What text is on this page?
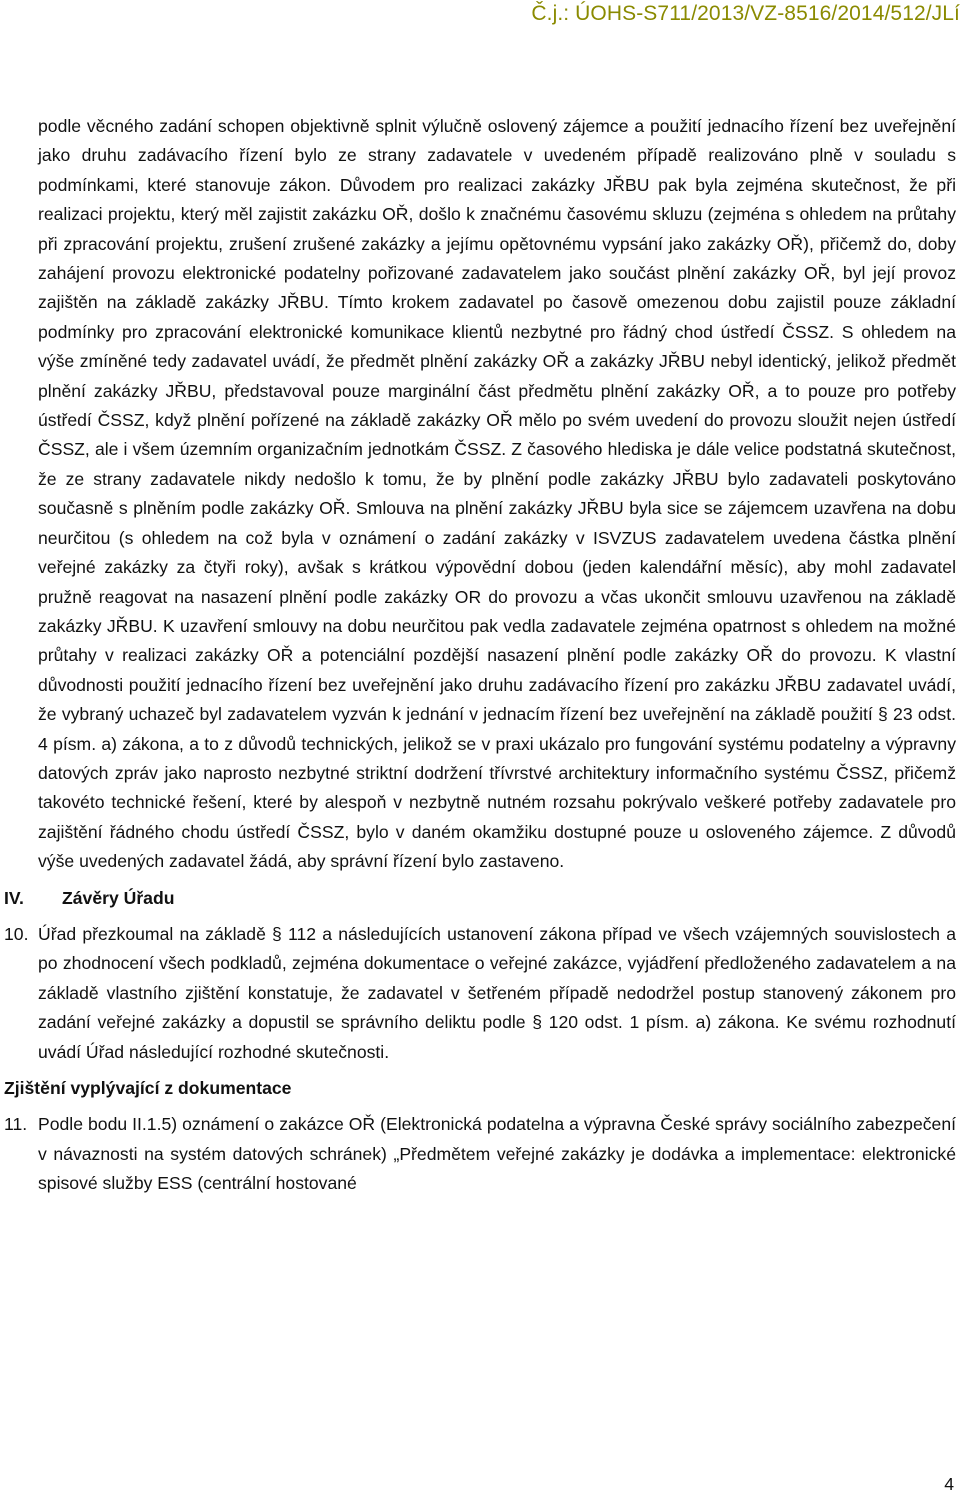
Č.j.: ÚOHS-S711/2013/VZ-8516/2014/512/JLí

podle věcného zadání schopen objektivně splnit výlučně oslovený zájemce a použití jednacího řízení bez uveřejnění jako druhu zadávacího řízení bylo ze strany zadavatele v uvedeném případě realizováno plně v souladu s podmínkami, které stanovuje zákon. Důvodem pro realizaci zakázky JŘBU pak byla zejména skutečnost, že při realizaci projektu, který měl zajistit zakázku OŘ, došlo k značnému časovému skluzu (zejména s ohledem na průtahy při zpracování projektu, zrušení zrušené zakázky a jejímu opětovnému vypsání jako zakázky OŘ), přičemž do, doby zahájení provozu elektronické podatelny pořizované zadavatelem jako součást plnění zakázky OŘ, byl její provoz zajištěn na základě zakázky JŘBU. Tímto krokem zadavatel po časově omezenou dobu zajistil pouze základní podmínky pro zpracování elektronické komunikace klientů nezbytné pro řádný chod ústředí ČSSZ. S ohledem na výše zmíněné tedy zadavatel uvádí, že předmět plnění zakázky OŘ a zakázky JŘBU nebyl identický, jelikož předmět plnění zakázky JŘBU, představoval pouze marginální část předmětu plnění zakázky OŘ, a to pouze pro potřeby ústředí ČSSZ, když plnění pořízené na základě zakázky OŘ mělo po svém uvedení do provozu sloužit nejen ústředí ČSSZ, ale i všem územním organizačním jednotkám ČSSZ. Z časového hlediska je dále velice podstatná skutečnost, že ze strany zadavatele nikdy nedošlo k tomu, že by plnění podle zakázky JŘBU bylo zadavateli poskytováno současně s plněním podle zakázky OŘ. Smlouva na plnění zakázky JŘBU byla sice se zájemcem uzavřena na dobu neurčitou (s ohledem na což byla v oznámení o zadání zakázky v ISVZUS zadavatelem uvedena částka plnění veřejné zakázky za čtyři roky), avšak s krátkou výpovědní dobou (jeden kalendářní měsíc), aby mohl zadavatel pružně reagovat na nasazení plnění podle zakázky OR do provozu a včas ukončit smlouvu uzavřenou na základě zakázky JŘBU. K uzavření smlouvy na dobu neurčitou pak vedla zadavatele zejména opatrnost s ohledem na možné průtahy v realizaci zakázky OŘ a potenciální pozdější nasazení plnění podle zakázky OŘ do provozu. K vlastní důvodnosti použití jednacího řízení bez uveřejnění jako druhu zadávacího řízení pro zakázku JŘBU zadavatel uvádí, že vybraný uchazeč byl zadavatelem vyzván k jednání v jednacím řízení bez uveřejnění na základě použití § 23 odst. 4 písm. a) zákona, a to z důvodů technických, jelikož se v praxi ukázalo pro fungování systému podatelny a výpravny datových zpráv jako naprosto nezbytné striktní dodržení třívrstvé architektury informačního systému ČSSZ, přičemž takovéto technické řešení, které by alespoň v nezbytně nutném rozsahu pokrývalo veškeré potřeby zadavatele pro zajištění řádného chodu ústředí ČSSZ, bylo v daném okamžiku dostupné pouze u osloveného zájemce. Z důvodů výše uvedených zadavatel žádá, aby správní řízení bylo zastaveno.

IV.	Závěry Úřadu
10. Úřad přezkoumal na základě § 112 a následujících ustanovení zákona případ ve všech vzájemných souvislostech a po zhodnocení všech podkladů, zejména dokumentace o veřejné zakázce, vyjádření předloženého zadavatelem a na základě vlastního zjištění konstatuje, že zadavatel v šetřeném případě nedodržel postup stanovený zákonem pro zadání veřejné zakázky a dopustil se správního deliktu podle § 120 odst. 1 písm. a) zákona. Ke svému rozhodnutí uvádí Úřad následující rozhodné skutečnosti.

Zjištění vyplývající z dokumentace
11. Podle bodu II.1.5) oznámení o zakázce OŘ (Elektronická podatelna a výpravna České správy sociálního zabezpečení v návaznosti na systém datových schránek) „Předmětem veřejné zakázky je dodávka a implementace: elektronické spisové služby ESS (centrální hostované

4
